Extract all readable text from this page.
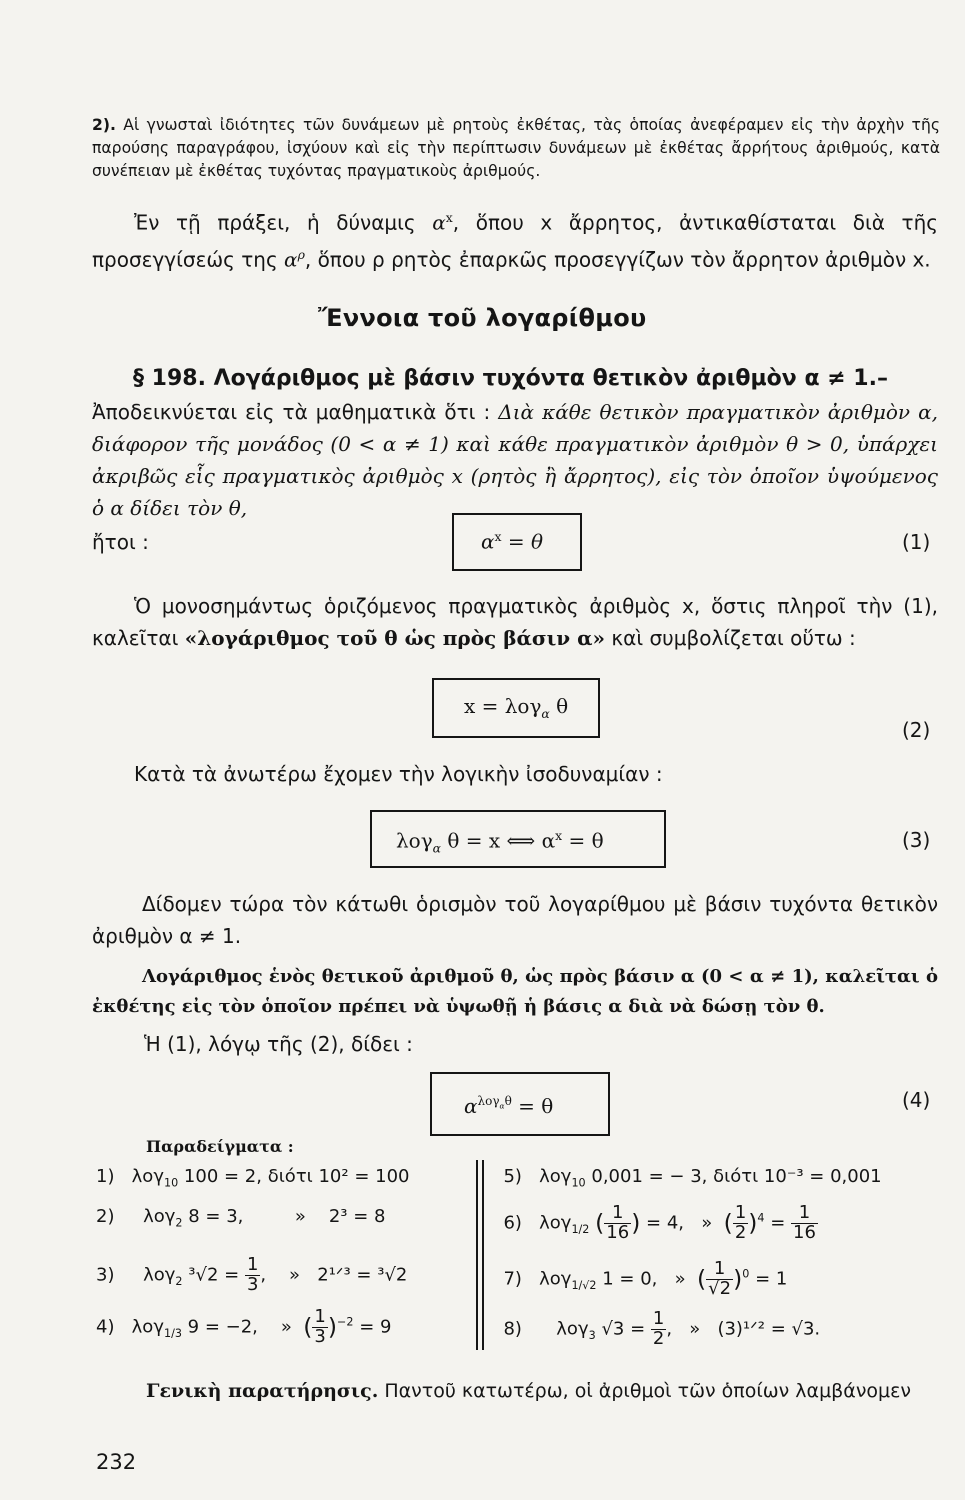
2). Αἱ γνωσταὶ ἰδιότητες τῶν δυνάμεων μὲ ρητοὺς ἐκθέτας, τὰς ὁποίας ἀνεφέραμεν εἰς τὴν ἀρχὴν τῆς παρούσης παραγράφου, ἰσχύουν καὶ εἰς τὴν περίπτωσιν δυνάμεων μὲ ἐκθέτας ἄρρήτους ἀριθμούς, κατὰ συνέπειαν μὲ ἐκθέτας τυχόντας πραγματικοὺς ἀριθμούς.
Ἐν τῇ πράξει, ἡ δύναμις $\alpha^x$, ὅπου x ἄρρητος, ἀντικαθίσταται διὰ τῆς προσεγγίσεώς της $\alpha^\rho$, ὅπου ρ ρητὸς ἐπαρκῶς προσεγγίζων τὸν ἄρρητον ἀριθμὸν x.
Ἔννοια τοῦ λογαρίθμου
§ 198. Λογάριθμος μὲ βάσιν τυχόντα θετικὸν ἀριθμὸν α ≠ 1.–
Ἀποδεικνύεται εἰς τὰ μαθηματικὰ ὅτι : Διὰ κάθε θετικὸν πραγματικὸν ἀριθμὸν α, διάφορον τῆς μονάδος (0 < α ≠ 1) καὶ κάθε πραγματικὸν ἀριθμὸν θ > 0, ὑπάρχει ἀκριβῶς εἷς πραγματικὸς ἀριθμὸς x (ρητὸς ἢ ἄρρητος), εἰς τὸν ὁποῖον ὑψούμενος ὁ α δίδει τὸν θ,
ἤτοι :	$\alpha^x = \theta$	(1)
Ὁ μονοσημάντως ὁριζόμενος πραγματικὸς ἀριθμὸς x, ὅστις πληροῖ τὴν (1), καλεῖται «λογάριθμος τοῦ θ ὡς πρὸς βάσιν α» καὶ συμβολίζεται οὕτω :
x = λογ$_\alpha$ θ
(2)
Κατὰ τὰ ἀνωτέρω ἔχομεν τὴν λογικὴν ἰσοδυναμίαν :
λογ$_\alpha$ θ = x ⟺ $\alpha^x = \theta$	(3)
Δίδομεν τώρα τὸν κάτωθι ὁρισμὸν τοῦ λογαρίθμου μὲ βάσιν τυχόντα θετικὸν ἀριθμὸν α ≠ 1.
Λογάριθμος ἑνὸς θετικοῦ ἀριθμοῦ θ, ὡς πρὸς βάσιν α (0 < α ≠ 1), καλεῖται ὁ ἐκθέτης εἰς τὸν ὁποῖον πρέπει νὰ ὑψωθῇ ἡ βάσις α διὰ νὰ δώσῃ τὸν θ.
Ἡ (1), λόγῳ τῆς (2), δίδει :
$\alpha^{\lambda o\gamma_\alpha\theta} = \theta$	(4)
Παραδείγματα :
1) λογ$_{10}$ 100 = 2, διότι 10² = 100
2) λογ$_2$ 8 = 3,	» 2³ = 8
3) λογ$_2$ $^3√2 = \frac{1}{3}$ , » 2¹ᐟ³ = ³√2
4) λογ$_{1/3}$ 9 = −2, » ( $\frac{1}{3} )^{-2} = 9$
5) λογ$_{10}$ 0,001 = − 3, διότι 10⁻³ = 0,001
6) λογ$_{1/2}$ ( $\frac{1}{16}$ ) = 4, » ( $\frac{1}{2} )^4 = \frac{1}{16}$
7) λογ$_{1/√2}$ 1 = 0, » ( $\frac{1}{√2} )^0 = 1$
8) λογ$_3$ $√3 = \frac{1}{2}$ , » (3)¹ᐟ² = √3.
Γενικὴ παρατήρησις. Παντοῦ κατωτέρω, οἱ ἀριθμοὶ τῶν ὁποίων λαμβάνομεν
232
